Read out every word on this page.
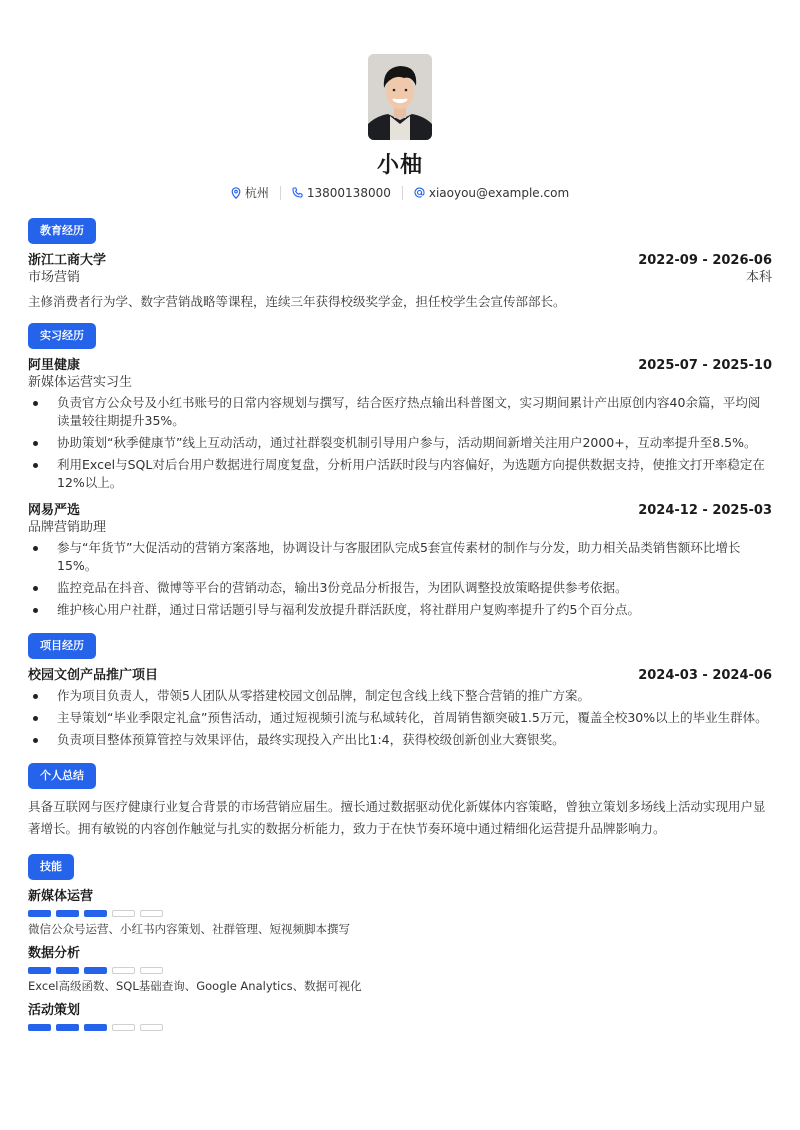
小柚
杭州	13800138000	xiaoyou@example.com
教育经历
浙江工商大学	2022-09 - 2026-06
市场营销	本科
主修消费者行为学、数字营销战略等课程，连续三年获得校级奖学金，担任校学生会宣传部部长。
实习经历
阿里健康	2025-07 - 2025-10
新媒体运营实习生
负责官方公众号及小红书账号的日常内容规划与撰写，结合医疗热点输出科普图文，实习期间累计产出原创内容40余篇，平均阅读量较往期提升35%。
协助策划“秋季健康节”线上互动活动，通过社群裂变机制引导用户参与，活动期间新增关注用户2000+，互动率提升至8.5%。
利用Excel与SQL对后台用户数据进行周度复盘，分析用户活跃时段与内容偏好，为选题方向提供数据支持，使推文打开率稳定在12%以上。
网易严选	2024-12 - 2025-03
品牌营销助理
参与“年货节”大促活动的营销方案落地，协调设计与客服团队完成5套宣传素材的制作与分发，助力相关品类销售额环比增长15%。
监控竞品在抖音、微博等平台的营销动态，输出3份竞品分析报告，为团队调整投放策略提供参考依据。
维护核心用户社群，通过日常话题引导与福利发放提升群活跃度，将社群用户复购率提升了约5个百分点。
项目经历
校园文创产品推广项目	2024-03 - 2024-06
作为项目负责人，带领5人团队从零搭建校园文创品牌，制定包含线上线下整合营销的推广方案。
主导策划“毕业季限定礼盒”预售活动，通过短视频引流与私域转化，首周销售额突破1.5万元，覆盖全校30%以上的毕业生群体。
负责项目整体预算管控与效果评估，最终实现投入产出比1:4，获得校级创新创业大赛银奖。
个人总结
具备互联网与医疗健康行业复合背景的市场营销应届生。擅长通过数据驱动优化新媒体内容策略，曾独立策划多场线上活动实现用户显著增长。拥有敏锐的内容创作触觉与扎实的数据分析能力，致力于在快节奏环境中通过精细化运营提升品牌影响力。
技能
新媒体运营
微信公众号运营、小红书内容策划、社群管理、短视频脚本撰写
数据分析
Excel高级函数、SQL基础查询、Google Analytics、数据可视化
活动策划
